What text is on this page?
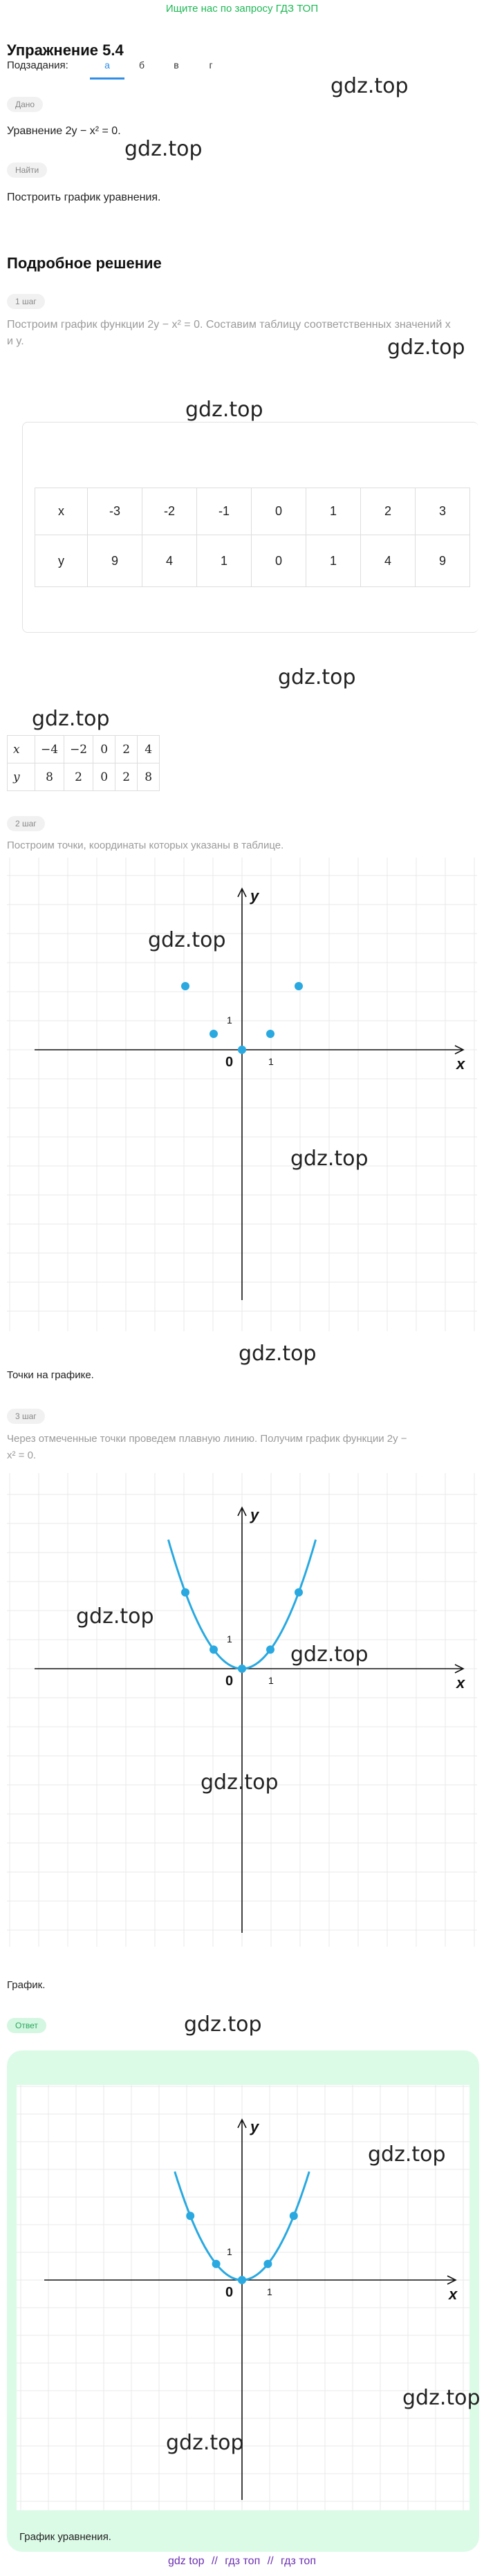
Ищите нас по запросу ГДЗ ТОП
Упражнение 5.4
Подзадания:	а	б	в	г
gdz.top
Дано
Уравнение 2y − x² = 0.
gdz.top
Найти
Построить график уравнения.
Подробное решение
1 шаг
Построим график функции 2y − x² = 0. Составим таблицу соответственных значений x
и y.	gdz.top
gdz.top
x	-3	-2	-1	0	1	2	3
y	9	4	1	0	1	4	9
gdz.top
gdz.top
x	−4	−2	0	2	4
y	8	2	0	2	8
2 шаг
Построим точки, координаты которых указаны в таблице.
x
y
0	1
1
gdz.top
Точки на графике.
3 шаг
Через отмеченные точки проведем плавную линию. Получим график функции 2y −
x² = 0.
x
y
0	1
1
График.
gdz.top
Ответ
x
y
0	1
1
График уравнения.
gdz top // гдз топ // гдз топ
gdz.top
gdz.top
gdz.top
gdz.top
gdz.top
gdz.top
gdz.top
gdz.top
